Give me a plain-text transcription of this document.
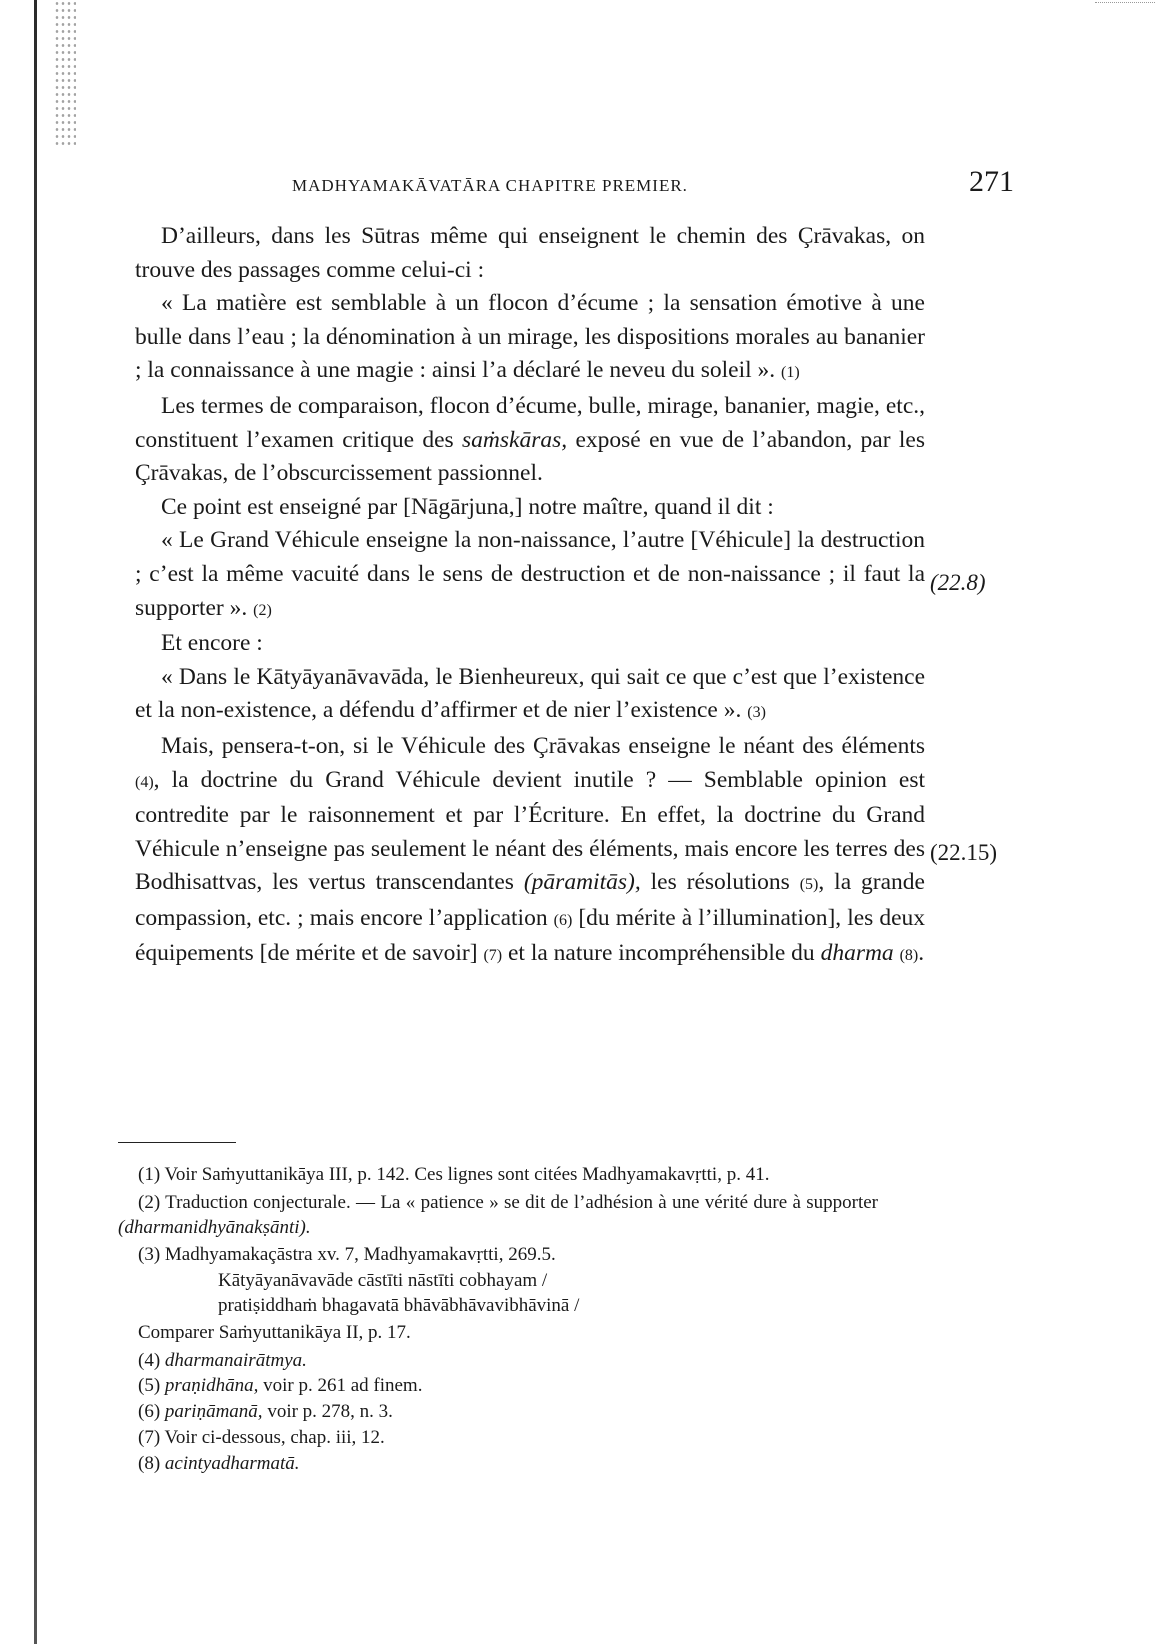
MADHYAMAKĀVATĀRA CHAPITRE PREMIER.	271

D’ailleurs, dans les Sūtras même qui enseignent le chemin des Çrāvakas, on trouve des passages comme celui-ci :

« La matière est semblable à un flocon d’écume ; la sensation émotive à une bulle dans l’eau ; la dénomination à un mirage, les dispositions morales au bananier ; la connaissance à une magie : ainsi l’a déclaré le neveu du soleil ». (1)

Les termes de comparaison, flocon d’écume, bulle, mirage, bananier, magie, etc., constituent l’examen critique des saṁskāras, exposé en vue de l’abandon, par les Çrāvakas, de l’obscurcissement passionnel.

Ce point est enseigné par [Nāgārjuna,] notre maître, quand il dit :

« Le Grand Véhicule enseigne la non-naissance, l’autre [Véhicule] la destruction ; c’est la même vacuité dans le sens de destruction et de non-naissance ; il faut la supporter ». (2)

Et encore :

« Dans le Kātyāyanāvavāda, le Bienheureux, qui sait ce que c’est que l’existence et la non-existence, a défendu d’affirmer et de nier l’existence ». (3)

Mais, pensera-t-on, si le Véhicule des Çrāvakas enseigne le néant des éléments (4), la doctrine du Grand Véhicule devient inutile ? — Semblable opinion est contredite par le raisonnement et par l’Écriture. En effet, la doctrine du Grand Véhicule n’enseigne pas seulement le néant des éléments, mais encore les terres des Bodhisattvas, les vertus transcendantes (pāramitās), les résolutions (5), la grande compassion, etc. ; mais encore l’application (6) [du mérite à l’illumination], les deux équipements [de mérite et de savoir] (7) et la nature incompréhensible du dharma (8).

(22.8)
(22.15)

(1) Voir Saṁyuttanikāya III, p. 142. Ces lignes sont citées Madhyamakavṛtti, p. 41.

(2) Traduction conjecturale. — La « patience » se dit de l’adhésion à une vérité dure à supporter (dharmanidhyānakṣānti).

(3) Madhyamakaçāstra xv. 7, Madhyamakavṛtti, 269.5.

Kātyāyanāvavāde cāstīti nāstīti cobhayam /

pratiṣiddhaṁ bhagavatā bhāvābhāvavibhāvinā /

Comparer Saṁyuttanikāya II, p. 17.

(4) dharmanairātmya.

(5) praṇidhāna, voir p. 261 ad finem.

(6) pariṇāmanā, voir p. 278, n. 3.

(7) Voir ci-dessous, chap. iii, 12.

(8) acintyadharmatā.
